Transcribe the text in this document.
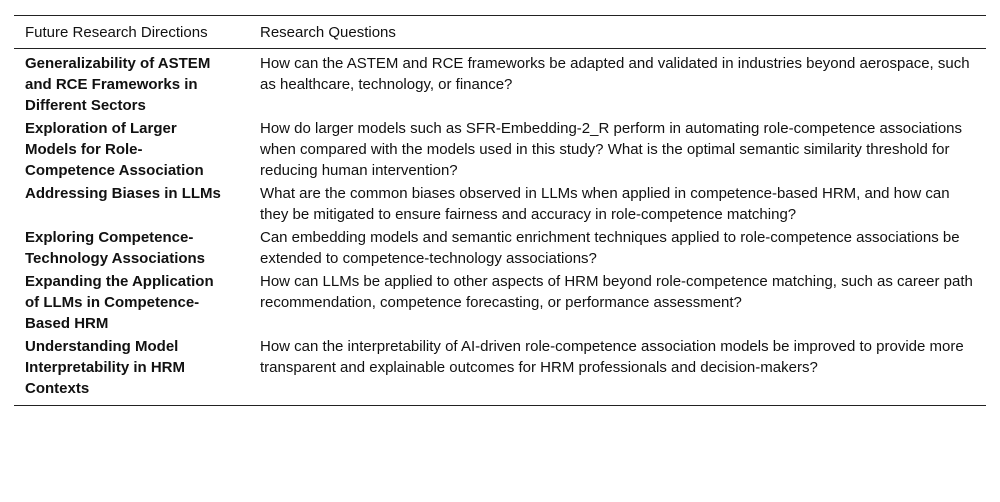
Future Research Directions	Research Questions
Generalizability of ASTEM and RCE Frameworks in Different Sectors	How can the ASTEM and RCE frameworks be adapted and validated in industries beyond aerospace, such as healthcare, technology, or finance?
Exploration of Larger Models for Role-Competence Association	How do larger models such as SFR-Embedding-2_R perform in automating role-competence associations when compared with the models used in this study? What is the optimal semantic similarity threshold for reducing human intervention?
Addressing Biases in LLMs	What are the common biases observed in LLMs when applied in competence-based HRM, and how can they be mitigated to ensure fairness and accuracy in role-competence matching?
Exploring Competence-Technology Associations	Can embedding models and semantic enrichment techniques applied to role-competence associations be extended to competence-technology associations?
Expanding the Application of LLMs in Competence-Based HRM	How can LLMs be applied to other aspects of HRM beyond role-competence matching, such as career path recommendation, competence forecasting, or performance assessment?
Understanding Model Interpretability in HRM Contexts	How can the interpretability of AI-driven role-competence association models be improved to provide more transparent and explainable outcomes for HRM professionals and decision-makers?
